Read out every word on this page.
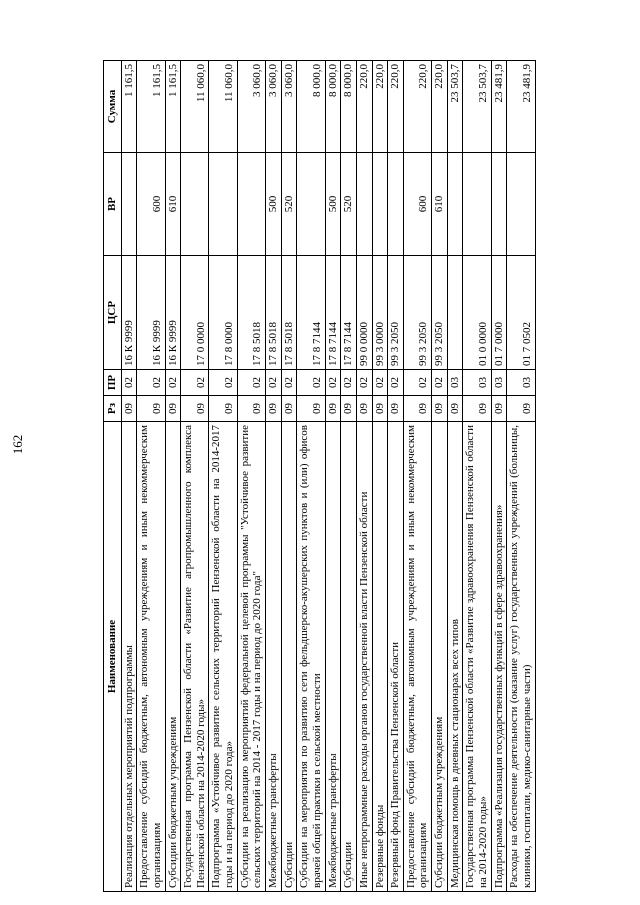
162
Наименование	Рз	ПР	ЦСР	ВР	Сумма
Реализация отдельных мероприятий подпрограммы	09	02	16 К 9999		1 161,5
Предоставление субсидий бюджетным, автономным учреждениям и иным некоммерческим организациям	09	02	16 К 9999	600	1 161,5
Субсидии бюджетным учреждениям	09	02	16 К 9999	610	1 161,5
Государственная программа Пензенской области «Развитие агропромышленного комплекса Пензенской области на 2014-2020 годы»	09	02	17 0 0000		11 060,0
Подпрограмма «Устойчивое развитие сельских территорий Пензенской области на 2014-2017 годы и на период до 2020 года»	09	02	17 8 0000		11 060,0
Субсидии на реализацию мероприятий федеральной целевой программы "Устойчивое развитие сельских территорий на 2014 - 2017 годы и на период до 2020 года"	09	02	17 8 5018		3 060,0
Межбюджетные трансферты	09	02	17 8 5018	500	3 060,0
Субсидии	09	02	17 8 5018	520	3 060,0
Субсидии на мероприятия по развитию сети фельдшерско-акушерских пунктов и (или) офисов врачей общей практики в сельской местности	09	02	17 8 7144		8 000,0
Межбюджетные трансферты	09	02	17 8 7144	500	8 000,0
Субсидии	09	02	17 8 7144	520	8 000,0
Иные непрограммные расходы органов государственной власти Пензенской области	09	02	99 0 0000		220,0
Резервные фонды	09	02	99 3 0000		220,0
Резервный фонд Правительства Пензенской области	09	02	99 3 2050		220,0
Предоставление субсидий бюджетным, автономным учреждениям и иным некоммерческим организациям	09	02	99 3 2050	600	220,0
Субсидии бюджетным учреждениям	09	02	99 3 2050	610	220,0
Медицинская помощь в дневных стационарах всех типов	09	03			23 503,7
Государственная программа Пензенской области «Развитие здравоохранения Пензенской области на 2014-2020 годы»	09	03	01 0 0000		23 503,7
Подпрограмма «Реализация государственных функций в сфере здравоохранения»	09	03	01 7 0000		23 481,9
Расходы на обеспечение деятельности (оказание услуг) государственных учреждений (больницы, клиники, госпитали, медико-санитарные части)	09	03	01 7 0502		23 481,9
